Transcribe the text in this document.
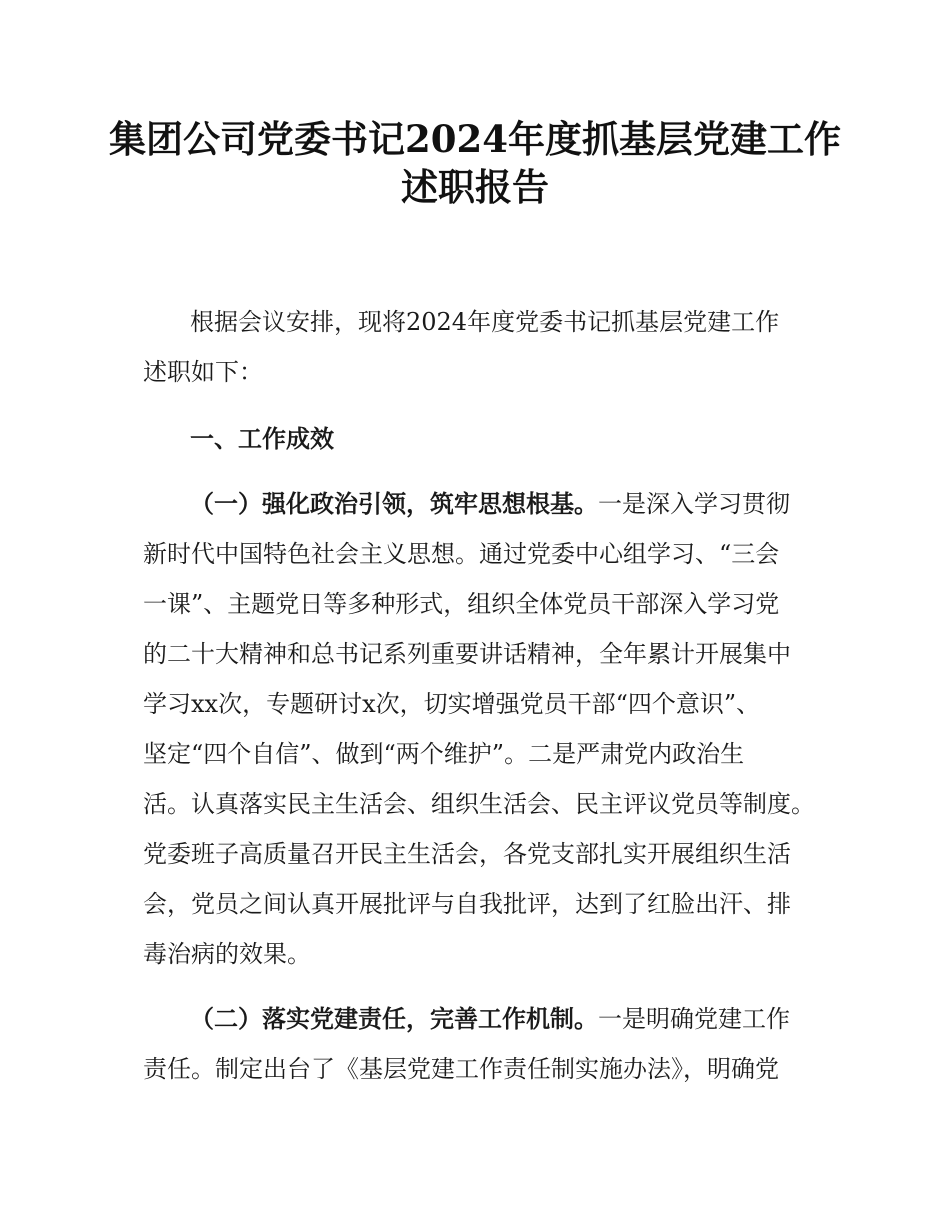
集团公司党委书记2024年度抓基层党建工作
述职报告
根据会议安排，现将2024年度党委书记抓基层党建工作
述职如下：
一、工作成效
（一）强化政治引领，筑牢思想根基。一是深入学习贯彻
新时代中国特色社会主义思想。通过党委中心组学习、“三会
一课”、主题党日等多种形式，组织全体党员干部深入学习党
的二十大精神和总书记系列重要讲话精神，全年累计开展集中
学习xx次，专题研讨x次，切实增强党员干部“四个意识”、
坚定“四个自信”、做到“两个维护”。二是严肃党内政治生
活。认真落实民主生活会、组织生活会、民主评议党员等制度。
党委班子高质量召开民主生活会，各党支部扎实开展组织生活
会，党员之间认真开展批评与自我批评，达到了红脸出汗、排
毒治病的效果。
（二）落实党建责任，完善工作机制。一是明确党建工作
责任。制定出台了《基层党建工作责任制实施办法》，明确党
